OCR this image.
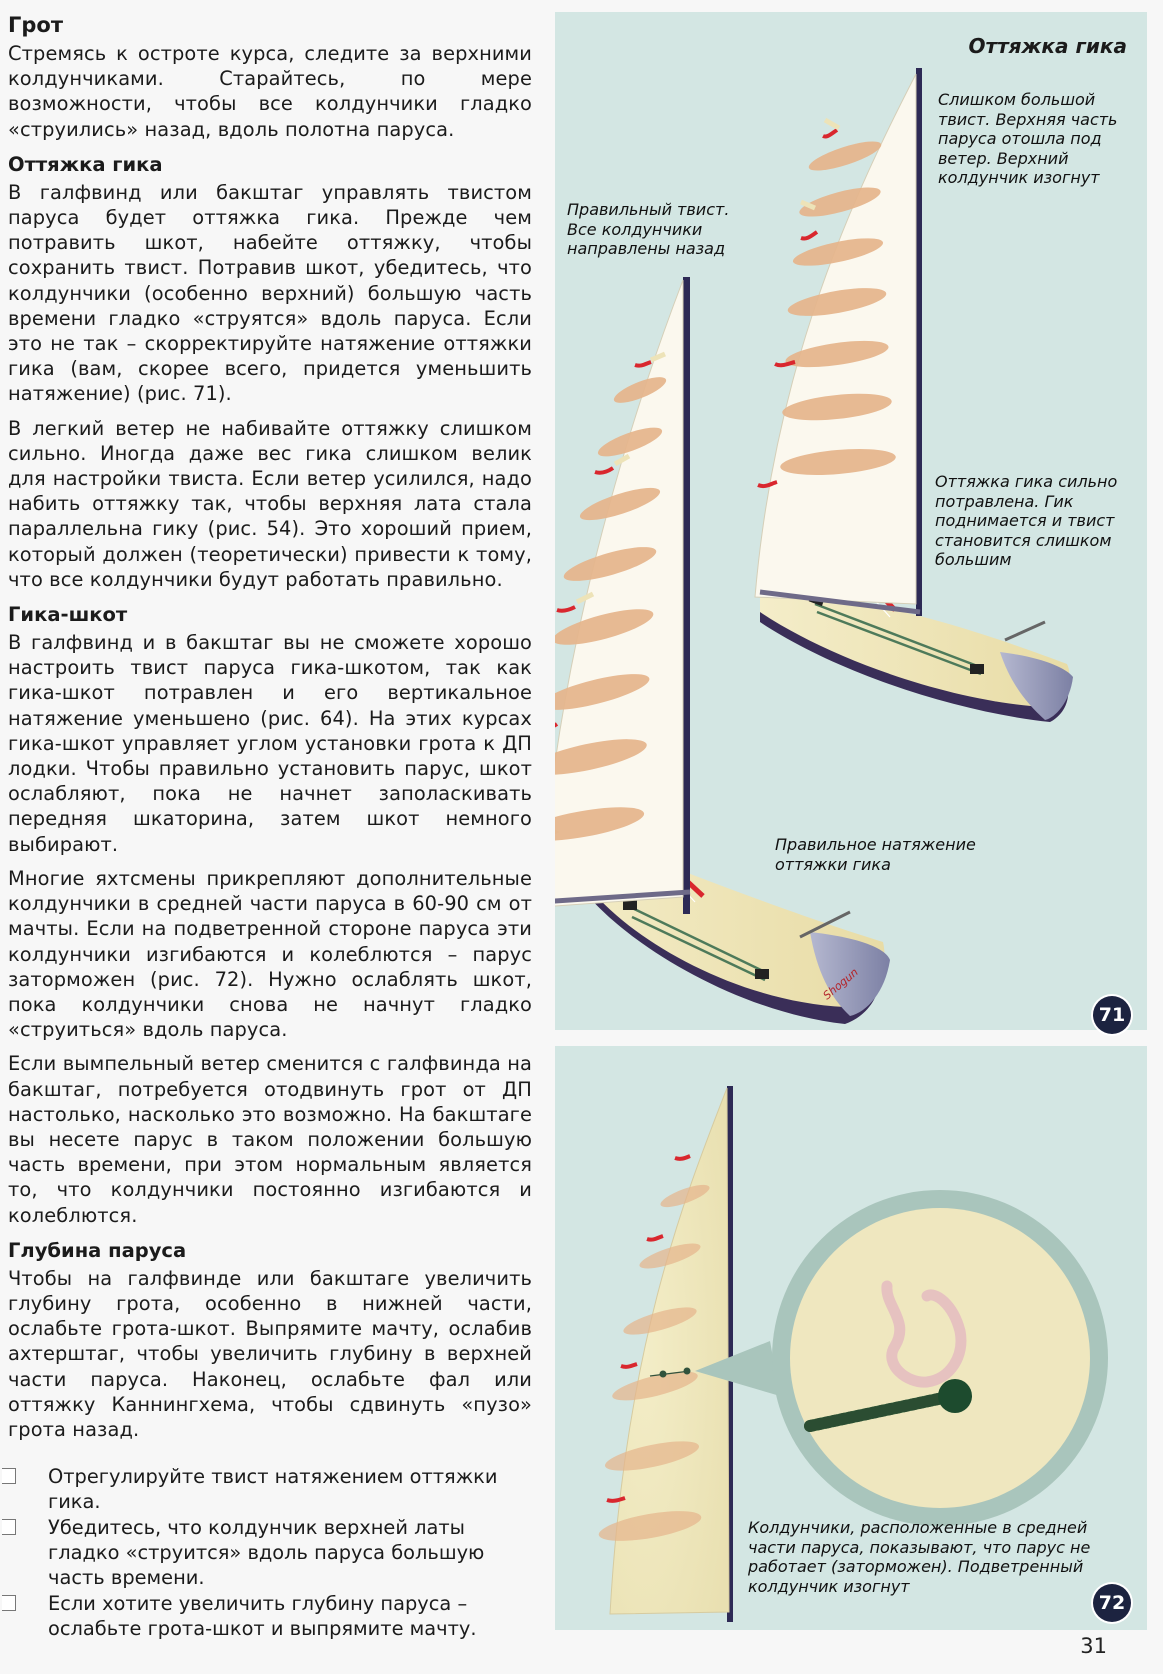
Грот

Стремясь к остроте курса, следите за верхними колдунчиками. Старайтесь, по мере возможности, чтобы все колдунчики гладко «струились» назад, вдоль полотна паруса.

Оттяжка гика

В галфвинд или бакштаг управлять твистом паруса будет оттяжка гика. Прежде чем потравить шкот, набейте оттяжку, чтобы сохранить твист. Потравив шкот, убедитесь, что колдунчики (особенно верхний) большую часть времени гладко «струятся» вдоль паруса. Если это не так – скорректируйте натяжение оттяжки гика (вам, скорее всего, придется уменьшить натяжение) (рис. 71).

В легкий ветер не набивайте оттяжку слишком сильно. Иногда даже вес гика слишком велик для настройки твиста. Если ветер усилился, надо набить оттяжку так, чтобы верхняя лата стала параллельна гику (рис. 54). Это хороший прием, который должен (теоретически) привести к тому, что все колдунчики будут работать правильно.

Гика-шкот

В галфвинд и в бакштаг вы не сможете хорошо настроить твист паруса гика-шкотом, так как гика-шкот потравлен и его вертикальное натяжение уменьшено (рис. 64). На этих курсах гика-шкот управляет углом установки грота к ДП лодки. Чтобы правильно установить парус, шкот ослабляют, пока не начнет заполаскивать передняя шкаторина, затем шкот немного выбирают.

Многие яхтсмены прикрепляют дополнительные колдунчики в средней части паруса в 60-90 см от мачты. Если на подветренной стороне паруса эти колдунчики изгибаются и колеблются – парус заторможен (рис. 72). Нужно ослаблять шкот, пока колдунчики снова не начнут гладко «струиться» вдоль паруса.

Если вымпельный ветер сменится с галфвинда на бакштаг, потребуется отодвинуть грот от ДП настолько, насколько это возможно. На бакштаге вы несете парус в таком положении большую часть времени, при этом нормальным является то, что колдунчики постоянно изгибаются и колеблются.

Глубина паруса

Чтобы на галфвинде или бакштаге увеличить глубину грота, особенно в нижней части, ослабьте грота-шкот. Выпрямите мачту, ослабив ахтерштаг, чтобы увеличить глубину в верхней части паруса. Наконец, ослабьте фал или оттяжку Каннингхема, чтобы сдвинуть «пузо» грота назад.

Отрегулируйте твист натяжением оттяжки гика.
Убедитесь, что колдунчик верхней латы гладко «струится» вдоль паруса большую часть времени.
Если хотите увеличить глубину паруса – ослабьте грота-шкот и выпрямите мачту.
Shogun
Оттяжка гика
Слишком большой твист. Верхняя часть паруса отошла под ветер. Верхний колдунчик изогнут
Правильный твист. Все колдунчики направлены назад
Оттяжка гика сильно потравлена. Гик поднимается и твист становится слишком большим
Правильное натяжение оттяжки гика
71
Колдунчики, расположенные в средней части паруса, показывают, что парус не работает (заторможен). Подветренный колдунчик изогнут
72
31
